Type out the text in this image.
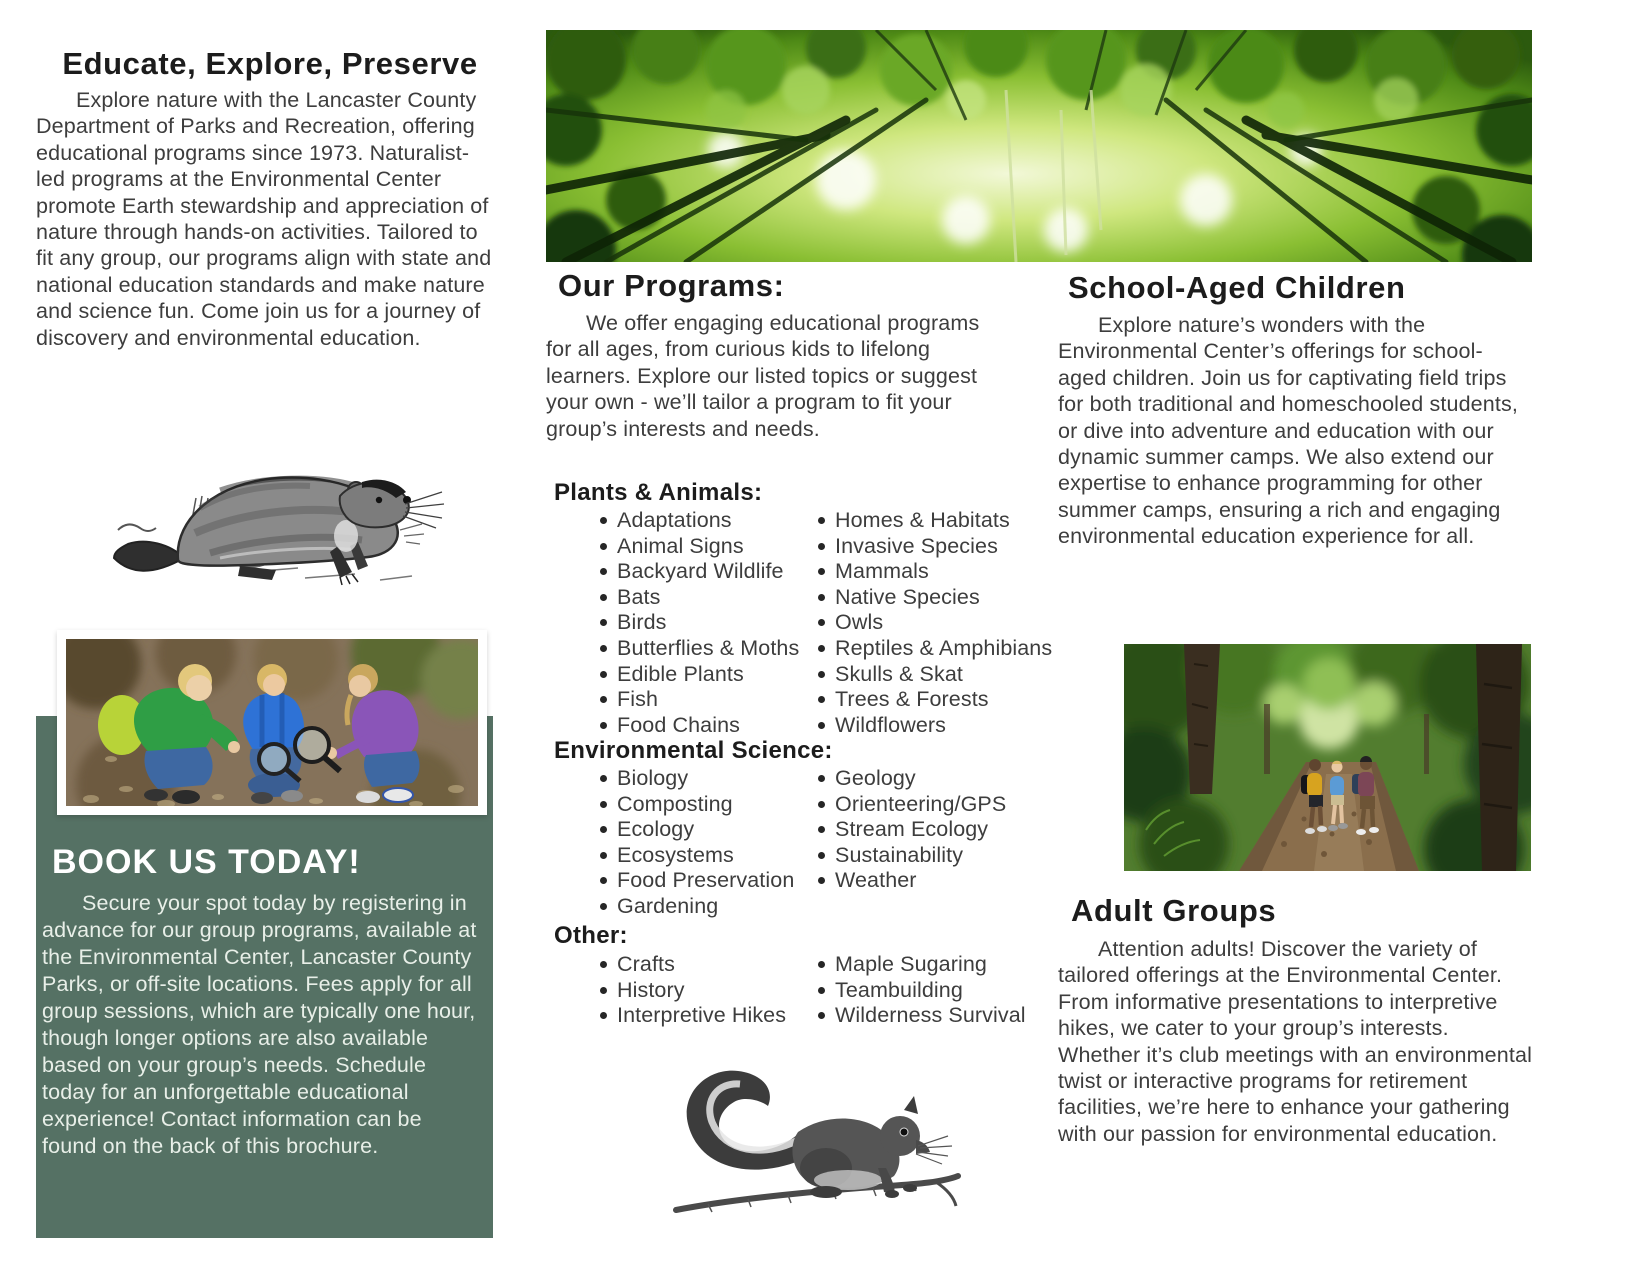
Educate, Explore, Preserve

Explore nature with the Lancaster County Department of Parks and Recreation, offering educational programs since 1973. Naturalist-led programs at the Environmental Center promote Earth stewardship and appreciation of nature through hands-on activities. Tailored to fit any group, our programs align with state and national education standards and make nature and science fun. Come join us for a journey of discovery and environmental education.

BOOK US TODAY!

Secure your spot today by registering in advance for our group programs, available at the Environmental Center, Lancaster County Parks, or off-site locations. Fees apply for all group sessions, which are typically one hour, though longer options are also available based on your group’s needs. Schedule today for an unforgettable educational experience! Contact information can be found on the back of this brochure.

Our Programs:

We offer engaging educational programs for all ages, from curious kids to lifelong learners. Explore our listed topics or suggest your own - we’ll tailor a program to fit your group’s interests and needs.

Plants & Animals:
Adaptations
Animal Signs
Backyard Wildlife
Bats
Birds
Butterflies & Moths
Edible Plants
Fish
Food Chains
Homes & Habitats
Invasive Species
Mammals
Native Species
Owls
Reptiles & Amphibians
Skulls & Skat
Trees & Forests
Wildflowers
Environmental Science:
Biology
Composting
Ecology
Ecosystems
Food Preservation
Gardening
Geology
Orienteering/GPS
Stream Ecology
Sustainability
Weather
Other:
Crafts
History
Interpretive Hikes
Maple Sugaring
Teambuilding
Wilderness Survival
School-Aged Children

Explore nature’s wonders with the Environmental Center’s offerings for school-aged children. Join us for captivating field trips for both traditional and homeschooled students, or dive into adventure and education with our dynamic summer camps. We also extend our expertise to enhance programming for other summer camps, ensuring a rich and engaging environmental education experience for all.

Adult Groups

Attention adults! Discover the variety of tailored offerings at the Environmental Center. From informative presentations to interpretive hikes, we cater to your group’s interests. Whether it’s club meetings with an environmental twist or interactive programs for retirement facilities, we’re here to enhance your gathering with our passion for environmental education.
